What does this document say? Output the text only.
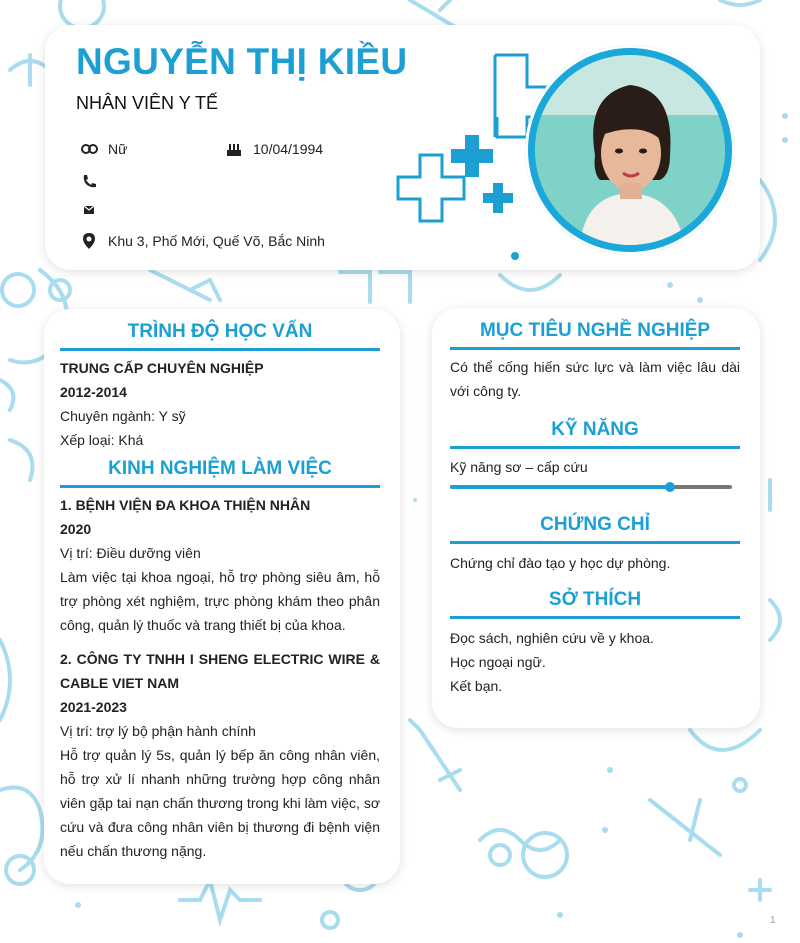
NGUYỄN THỊ KIỀU
NHÂN VIÊN Y TẾ
Nữ	10/04/1994
Khu 3, Phố Mới, Quế Võ, Bắc Ninh
TRÌNH ĐỘ HỌC VẤN
TRUNG CẤP CHUYÊN NGHIỆP
2012-2014
Chuyên ngành: Y sỹ
Xếp loại: Khá
KINH NGHIỆM LÀM VIỆC
1. BỆNH VIỆN ĐA KHOA THIỆN NHÂN
2020
Vị trí: Điều dưỡng viên
Làm việc tại khoa ngoại, hỗ trợ phòng siêu âm, hỗ trợ phòng xét nghiệm, trực phòng khám theo phân công, quản lý thuốc và trang thiết bị của khoa.
2. CÔNG TY TNHH I SHENG ELECTRIC WIRE & CABLE VIET NAM
2021-2023
Vị trí: trợ lý bộ phận hành chính
Hỗ trợ quản lý 5s, quản lý bếp ăn công nhân viên, hỗ trợ xử lí nhanh những trường hợp công nhân viên gặp tai nạn chấn thương trong khi làm việc, sơ cứu và đưa công nhân viên bị thương đi bệnh viện nếu chấn thương nặng.
MỤC TIÊU NGHỀ NGHIỆP
Có thể cống hiến sức lực và làm việc lâu dài với công ty.
KỸ NĂNG
Kỹ năng sơ – cấp cứu
CHỨNG CHỈ
Chứng chỉ đào tạo y học dự phòng.
SỞ THÍCH
Đọc sách, nghiên cứu về y khoa.
Học ngoại ngữ.
Kết bạn.
1
